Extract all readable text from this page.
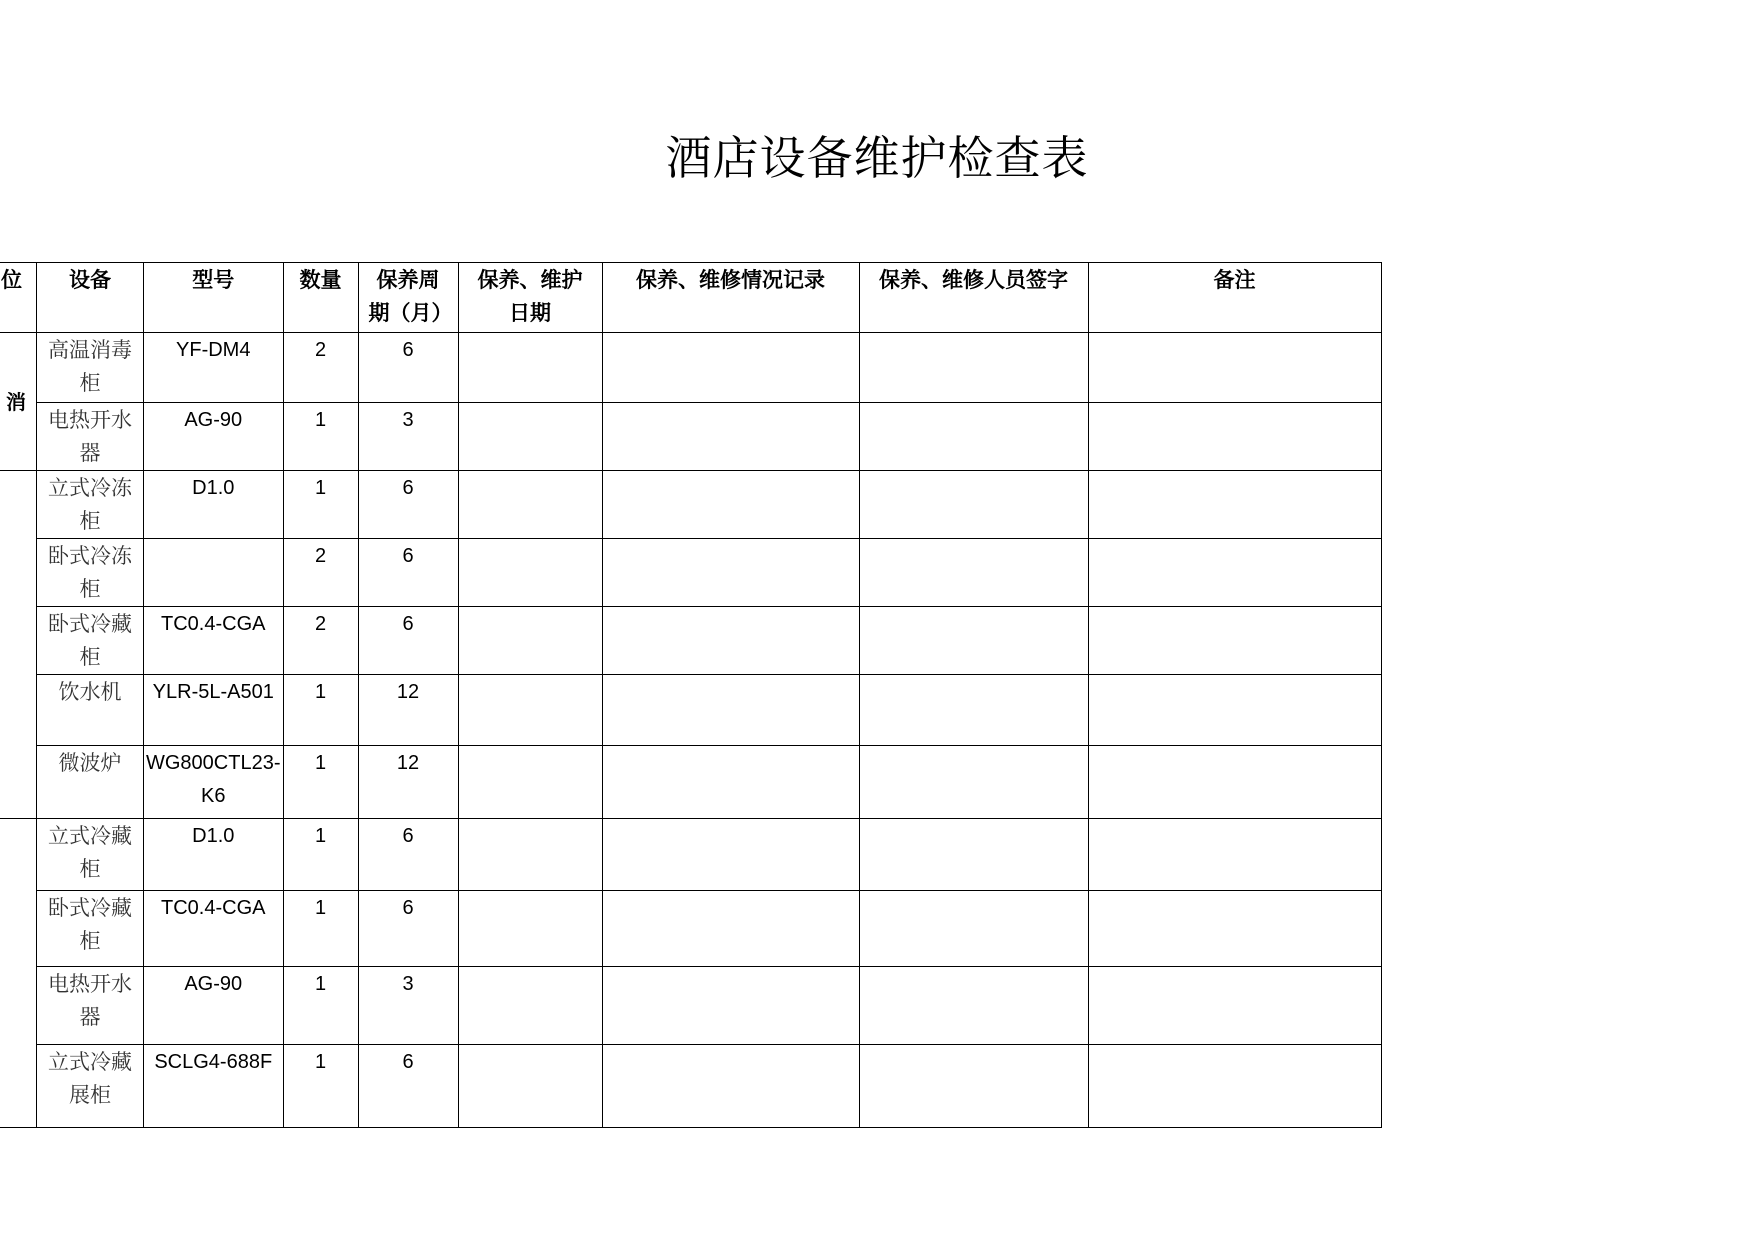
酒店设备维护检查表
位	设备	型号	数量	保养周期（月）	保养、维护日期	保养、维修情况记录	保养、维修人员签字	备注
消	高温消毒柜	YF-DM4	2	6				
	电热开水器	AG-90	1	3				
	立式冷冻柜	D1.0	1	6				
	卧式冷冻柜		2	6				
	卧式冷藏柜	TC0.4-CGA	2	6				
	饮水机	YLR-5L-A501	1	12				
	微波炉	WG800CTL23-K6	1	12				
	立式冷藏柜	D1.0	1	6				
	卧式冷藏柜	TC0.4-CGA	1	6				
	电热开水器	AG-90	1	3				
	立式冷藏展柜	SCLG4-688F	1	6				
